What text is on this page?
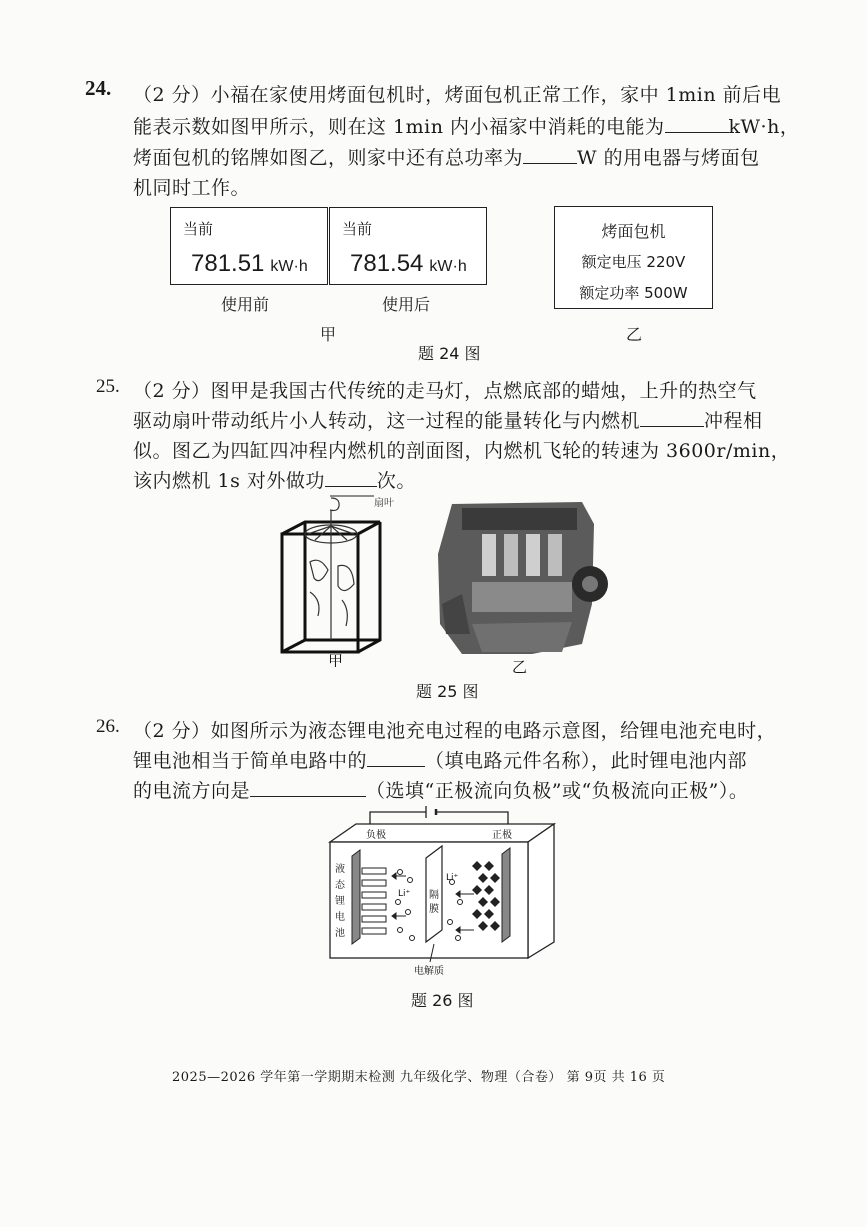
24. （2 分）小福在家使用烤面包机时，烤面包机正常工作，家中 1min 前后电
能表示数如图甲所示，则在这 1min 内小福家中消耗的电能为	kW·h，
烤面包机的铭牌如图乙，则家中还有总功率为	W 的用电器与烤面包
机同时工作。
当前
781.51 kW·h
当前
781.54 kW·h
使用前	使用后
甲
烤面包机
额定电压 220V
额定功率 500W
乙
题 24 图
25. （2 分）图甲是我国古代传统的走马灯，点燃底部的蜡烛，上升的热空气
驱动扇叶带动纸片小人转动，这一过程的能量转化与内燃机	冲程相
似。图乙为四缸四冲程内燃机的剖面图，内燃机飞轮的转速为 3600r/min，
该内燃机 1s 对外做功	次。
扇叶
甲	乙
题 25 图
26. （2 分）如图所示为液态锂电池充电过程的电路示意图，给锂电池充电时，
锂电池相当于简单电路中的	（填电路元件名称），此时锂电池内部
的电流方向是	（选填“正极流向负极”或“负极流向正极”）。
负极	正极
液
态
锂
电
池
Li⁺
Li⁺ 隔
膜
电解质
题 26 图
2025—2026 学年第一学期期末检测 九年级化学、物理（合卷） 第 9页 共 16 页
